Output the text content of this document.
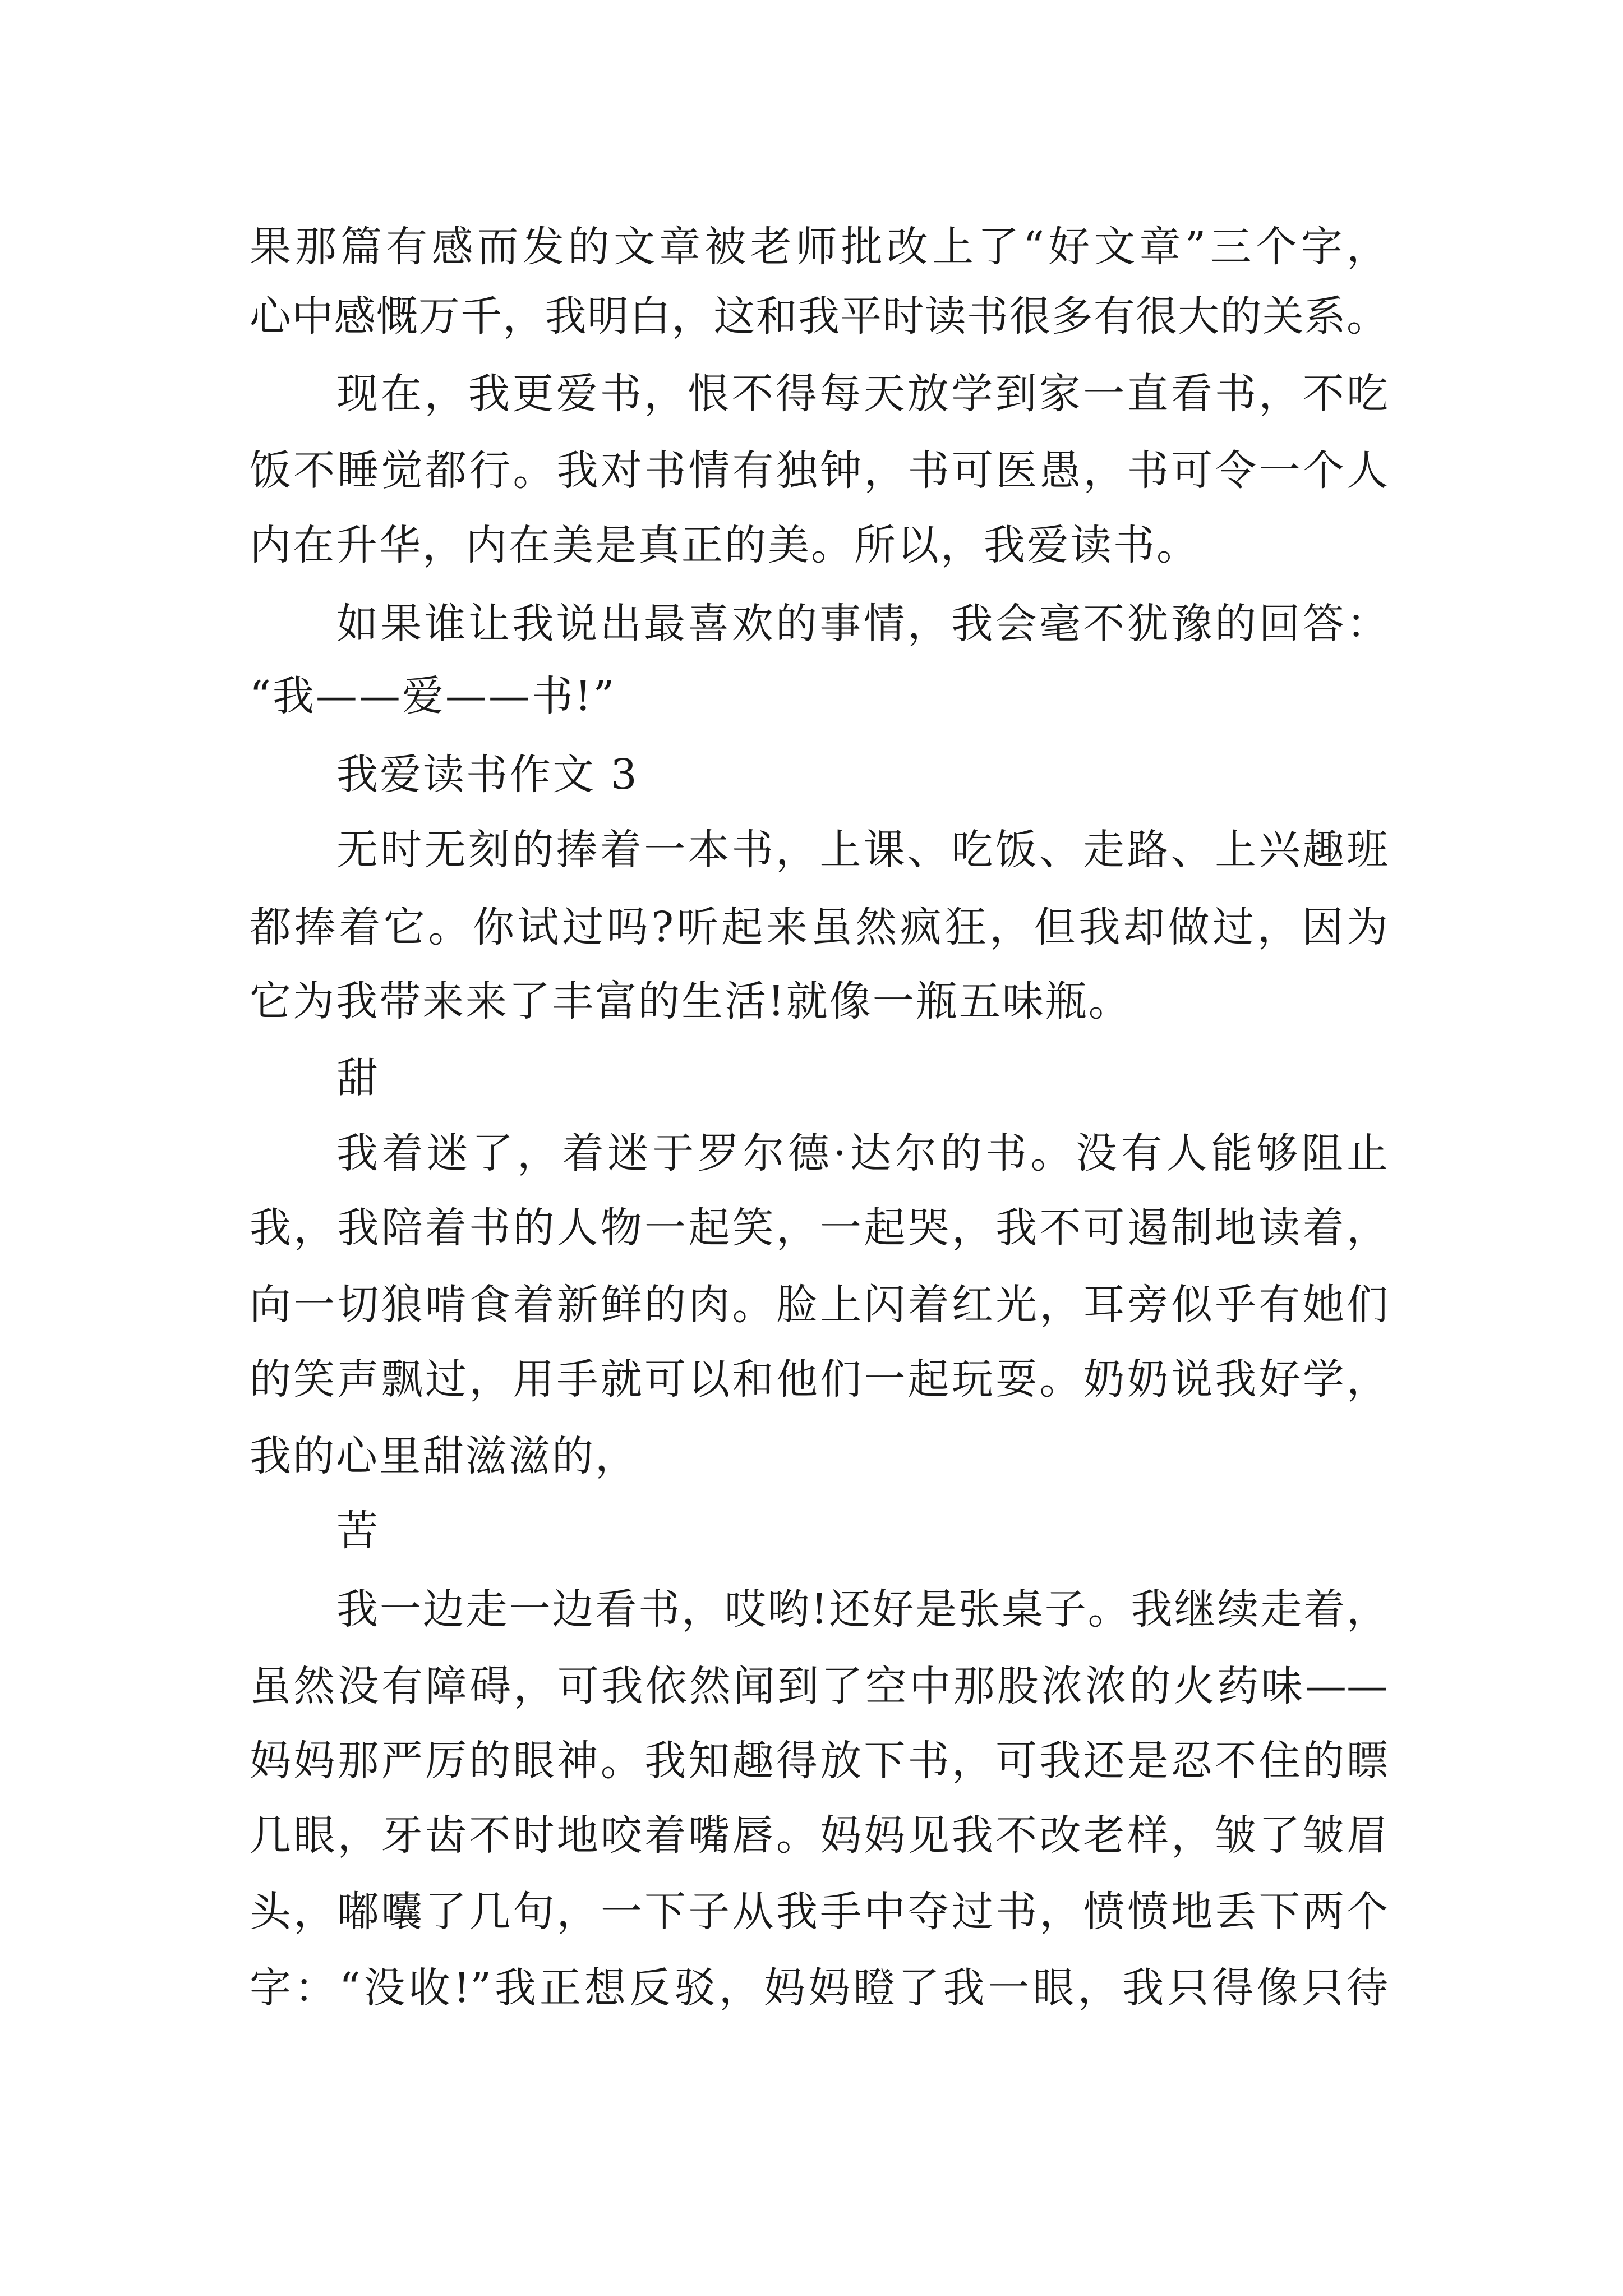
果那篇有感而发的文章被老师批改上了“好文章”三个字，

心中感慨万千，我明白，这和我平时读书很多有很大的关系。

现在，我更爱书，恨不得每天放学到家一直看书，不吃

饭不睡觉都行。我对书情有独钟，书可医愚，书可令一个人

内在升华，内在美是真正的美。所以，我爱读书。

如果谁让我说出最喜欢的事情，我会毫不犹豫的回答：

“我——爱——书!”

我爱读书作文 3

无时无刻的捧着一本书，上课、吃饭、走路、上兴趣班

都捧着它。你试过吗?听起来虽然疯狂，但我却做过，因为

它为我带来来了丰富的生活!就像一瓶五味瓶。

甜

我着迷了，着迷于罗尔德·达尔的书。没有人能够阻止

我，我陪着书的人物一起笑，一起哭，我不可遏制地读着，

向一切狼啃食着新鲜的肉。脸上闪着红光，耳旁似乎有她们

的笑声飘过，用手就可以和他们一起玩耍。奶奶说我好学，

我的心里甜滋滋的，

苦

我一边走一边看书，哎哟!还好是张桌子。我继续走着，

虽然没有障碍，可我依然闻到了空中那股浓浓的火药味——

妈妈那严厉的眼神。我知趣得放下书，可我还是忍不住的瞟

几眼，牙齿不时地咬着嘴唇。妈妈见我不改老样，皱了皱眉

头，嘟囔了几句，一下子从我手中夺过书，愤愤地丢下两个

字：“没收!”我正想反驳，妈妈瞪了我一眼，我只得像只待
